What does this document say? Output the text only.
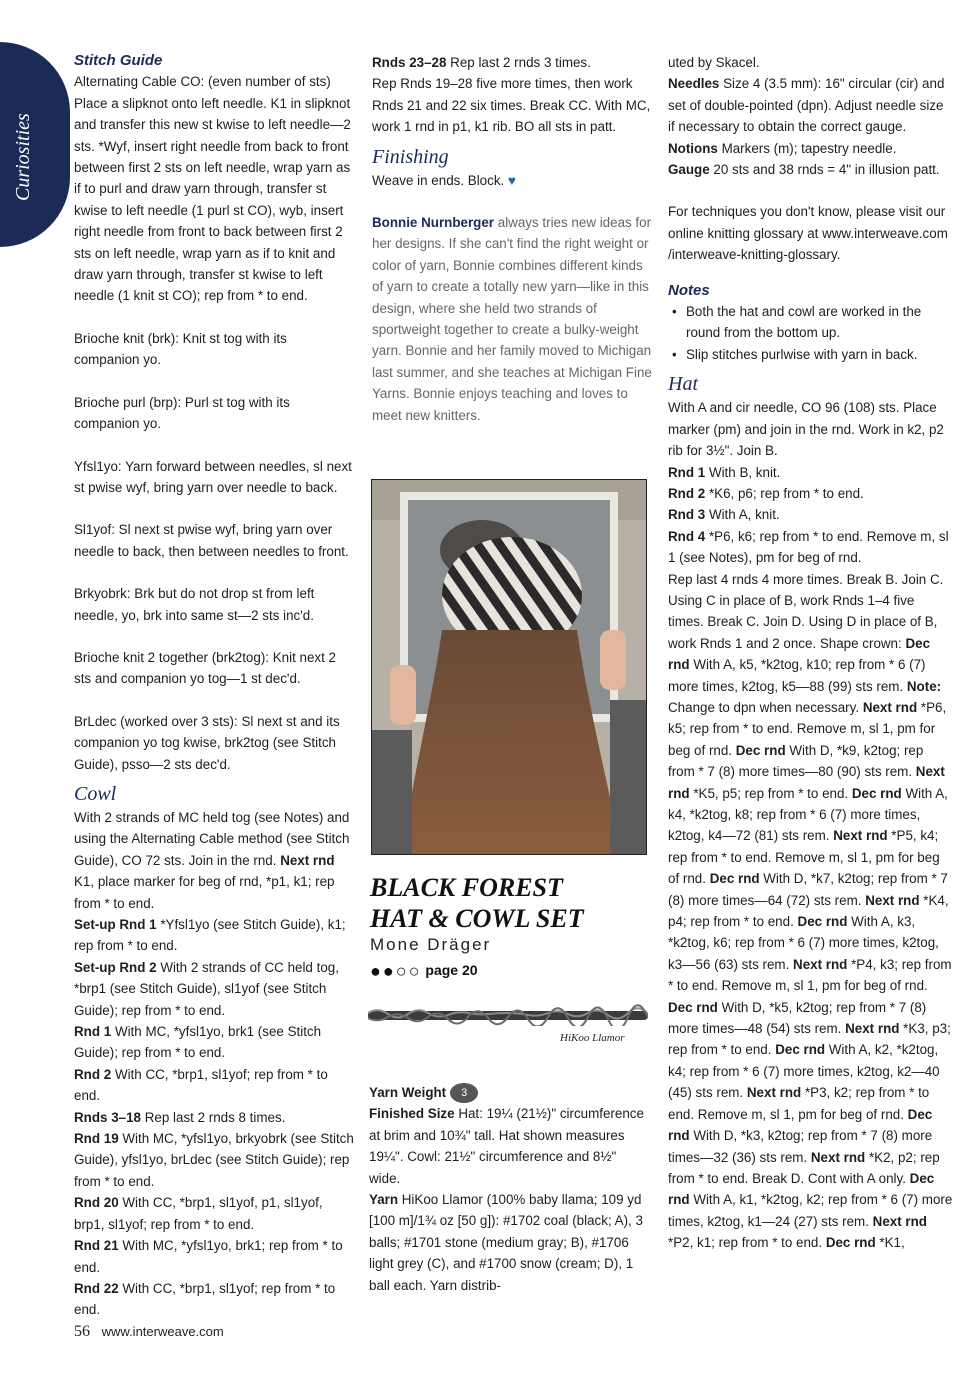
Curiosities

Stitch Guide

Alternating Cable CO: (even number of sts) Place a slipknot onto left needle. K1 in slipknot and transfer this new st kwise to left needle—2 sts. *Wyf, insert right needle from back to front between first 2 sts on left needle, wrap yarn as if to purl and draw yarn through, transfer st kwise to left needle (1 purl st CO), wyb, insert right needle from front to back between first 2 sts on left needle, wrap yarn as if to knit and draw yarn through, transfer st kwise to left needle (1 knit st CO); rep from * to end.

Brioche knit (brk): Knit st tog with its companion yo.

Brioche purl (brp): Purl st tog with its companion yo.

Yfsl1yo: Yarn forward between needles, sl next st pwise wyf, bring yarn over needle to back.

Sl1yof: Sl next st pwise wyf, bring yarn over needle to back, then between needles to front.

Brkyobrk: Brk but do not drop st from left needle, yo, brk into same st—2 sts inc'd.

Brioche knit 2 together (brk2tog): Knit next 2 sts and companion yo tog—1 st dec'd.

BrLdec (worked over 3 sts): Sl next st and its companion yo tog kwise, brk2tog (see Stitch Guide), psso—2 sts dec'd.

Cowl

With 2 strands of MC held tog (see Notes) and using the Alternating Cable method (see Stitch Guide), CO 72 sts. Join in the rnd. Next rnd K1, place marker for beg of rnd, *p1, k1; rep from * to end.

Set-up Rnd 1 *Yfsl1yo (see Stitch Guide), k1; rep from * to end.

Set-up Rnd 2 With 2 strands of CC held tog, *brp1 (see Stitch Guide), sl1yof (see Stitch Guide); rep from * to end.

Rnd 1 With MC, *yfsl1yo, brk1 (see Stitch Guide); rep from * to end.

Rnd 2 With CC, *brp1, sl1yof; rep from * to end.

Rnds 3–18 Rep last 2 rnds 8 times.

Rnd 19 With MC, *yfsl1yo, brkyobrk (see Stitch Guide), yfsl1yo, brLdec (see Stitch Guide); rep from * to end.

Rnd 20 With CC, *brp1, sl1yof, p1, sl1yof, brp1, sl1yof; rep from * to end.

Rnd 21 With MC, *yfsl1yo, brk1; rep from * to end.

Rnd 22 With CC, *brp1, sl1yof; rep from * to end.

Rnds 23–28 Rep last 2 rnds 3 times.

Rep Rnds 19–28 five more times, then work Rnds 21 and 22 six times. Break CC. With MC, work 1 rnd in p1, k1 rib. BO all sts in patt.

Finishing

Weave in ends. Block. ♥

Bonnie Nurnberger always tries new ideas for her designs. If she can't find the right weight or color of yarn, Bonnie combines different kinds of yarn to create a totally new yarn—like in this design, where she held two strands of sportweight together to create a bulky-weight yarn. Bonnie and her family moved to Michigan last summer, and she teaches at Michigan Fine Yarns. Bonnie enjoys teaching and loves to meet new knitters.

BLACK FOREST
HAT & COWL SET
Mone Dräger
●●○○ page 20
HiKoo Llamor

Yarn Weight 3

Finished Size Hat: 19¼ (21½)" circumference at brim and 10¾" tall. Hat shown measures 19¼". Cowl: 21½" circumference and 8½" wide.

Yarn HiKoo Llamor (100% baby llama; 109 yd [100 m]/1¾ oz [50 g]): #1702 coal (black; A), 3 balls; #1701 stone (medium gray; B), #1706 light grey (C), and #1700 snow (cream; D), 1 ball each. Yarn distrib-

uted by Skacel.

Needles Size 4 (3.5 mm): 16" circular (cir) and set of double-pointed (dpn). Adjust needle size if necessary to obtain the correct gauge.

Notions Markers (m); tapestry needle.

Gauge 20 sts and 38 rnds = 4" in illusion patt.

For techniques you don't know, please visit our online knitting glossary at www.interweave.com /interweave-knitting-glossary.

Notes

• Both the hat and cowl are worked in the round from the bottom up.
• Slip stitches purlwise with yarn in back.

Hat

With A and cir needle, CO 96 (108) sts. Place marker (pm) and join in the rnd. Work in k2, p2 rib for 3½". Join B.

Rnd 1 With B, knit.

Rnd 2 *K6, p6; rep from * to end.

Rnd 3 With A, knit.

Rnd 4 *P6, k6; rep from * to end. Remove m, sl 1 (see Notes), pm for beg of rnd.

Rep last 4 rnds 4 more times. Break B. Join C. Using C in place of B, work Rnds 1–4 five times. Break C. Join D. Using D in place of B, work Rnds 1 and 2 once. Shape crown: Dec rnd With A, k5, *k2tog, k10; rep from * 6 (7) more times, k2tog, k5—88 (99) sts rem. Note: Change to dpn when necessary. Next rnd *P6, k5; rep from * to end. Remove m, sl 1, pm for beg of rnd. Dec rnd With D, *k9, k2tog; rep from * 7 (8) more times—80 (90) sts rem. Next rnd *K5, p5; rep from * to end. Dec rnd With A, k4, *k2tog, k8; rep from * 6 (7) more times, k2tog, k4—72 (81) sts rem. Next rnd *P5, k4; rep from * to end. Remove m, sl 1, pm for beg of rnd. Dec rnd With D, *k7, k2tog; rep from * 7 (8) more times—64 (72) sts rem. Next rnd *K4, p4; rep from * to end. Dec rnd With A, k3, *k2tog, k6; rep from * 6 (7) more times, k2tog, k3—56 (63) sts rem. Next rnd *P4, k3; rep from * to end. Remove m, sl 1, pm for beg of rnd. Dec rnd With D, *k5, k2tog; rep from * 7 (8) more times—48 (54) sts rem. Next rnd *K3, p3; rep from * to end. Dec rnd With A, k2, *k2tog, k4; rep from * 6 (7) more times, k2tog, k2—40 (45) sts rem. Next rnd *P3, k2; rep from * to end. Remove m, sl 1, pm for beg of rnd. Dec rnd With D, *k3, k2tog; rep from * 7 (8) more times—32 (36) sts rem. Next rnd *K2, p2; rep from * to end. Break D. Cont with A only. Dec rnd With A, k1, *k2tog, k2; rep from * 6 (7) more times, k2tog, k1—24 (27) sts rem. Next rnd *P2, k1; rep from * to end. Dec rnd *K1,

56 www.interweave.com
